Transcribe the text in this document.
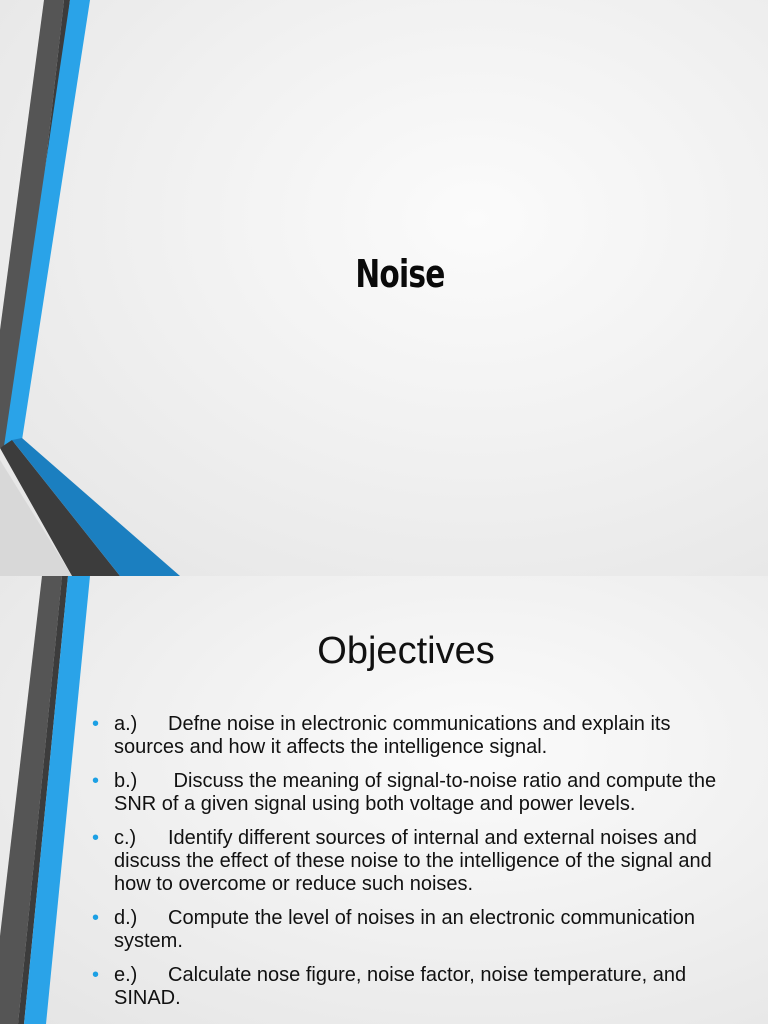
Noise
Objectives
• a.) Defne noise in electronic communications and explain its sources and how it affects the intelligence signal.
• b.) Discuss the meaning of signal-to-noise ratio and compute the SNR of a given signal using both voltage and power levels.
• c.) Identify different sources of internal and external noises and discuss the effect of these noise to the intelligence of the signal and how to overcome or reduce such noises.
• d.) Compute the level of noises in an electronic communication system.
• e.) Calculate nose figure, noise factor, noise temperature, and SINAD.
